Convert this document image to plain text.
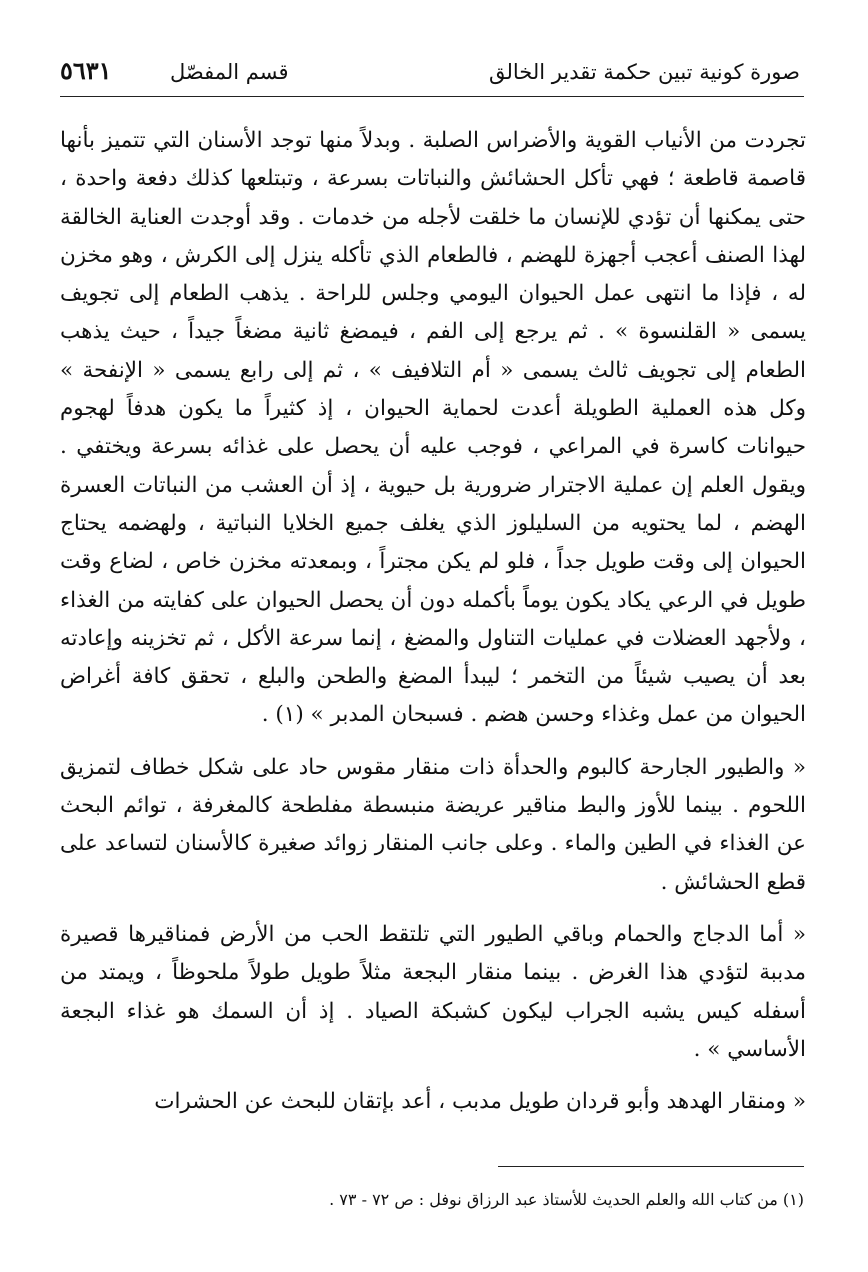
صورة كونية تبين حكمة تقدير الخالق
قسم المفصّل
٥٦٣١

تجردت من الأنياب القوية والأضراس الصلبة . وبدلاً منها توجد الأسنان التي تتميز بأنها قاصمة قاطعة ؛ فهي تأكل الحشائش والنباتات بسرعة ، وتبتلعها كذلك دفعة واحدة ، حتى يمكنها أن تؤدي للإنسان ما خلقت لأجله من خدمات . وقد أوجدت العناية الخالقة لهذا الصنف أعجب أجهزة للهضم ، فالطعام الذي تأكله ينزل إلى الكرش ، وهو مخزن له ، فإذا ما انتهى عمل الحيوان اليومي وجلس للراحة . يذهب الطعام إلى تجويف يسمى « القلنسوة » . ثم يرجع إلى الفم ، فيمضغ ثانية مضغاً جيداً ، حيث يذهب الطعام إلى تجويف ثالث يسمى « أم التلافيف » ، ثم إلى رابع يسمى « الإنفحة » وكل هذه العملية الطويلة أعدت لحماية الحيوان ، إذ كثيراً ما يكون هدفاً لهجوم حيوانات كاسرة في المراعي ، فوجب عليه أن يحصل على غذائه بسرعة ويختفي . ويقول العلم إن عملية الاجترار ضرورية بل حيوية ، إذ أن العشب من النباتات العسرة الهضم ، لما يحتويه من السليلوز الذي يغلف جميع الخلايا النباتية ، ولهضمه يحتاج الحيوان إلى وقت طويل جداً ، فلو لم يكن مجتراً ، وبمعدته مخزن خاص ، لضاع وقت طويل في الرعي يكاد يكون يوماً بأكمله دون أن يحصل الحيوان على كفايته من الغذاء ، ولأجهد العضلات في عمليات التناول والمضغ ، إنما سرعة الأكل ، ثم تخزينه وإعادته بعد أن يصيب شيئاً من التخمر ؛ ليبدأ المضغ والطحن والبلع ، تحقق كافة أغراض الحيوان من عمل وغذاء وحسن هضم . فسبحان المدبر » (١) .

« والطيور الجارحة كالبوم والحدأة ذات منقار مقوس حاد على شكل خطاف لتمزيق اللحوم . بينما للأوز والبط مناقير عريضة منبسطة مفلطحة كالمغرفة ، توائم البحث عن الغذاء في الطين والماء . وعلى جانب المنقار زوائد صغيرة كالأسنان لتساعد على قطع الحشائش .

« أما الدجاج والحمام وباقي الطيور التي تلتقط الحب من الأرض فمناقيرها قصيرة مدببة لتؤدي هذا الغرض . بينما منقار البجعة مثلاً طويل طولاً ملحوظاً ، ويمتد من أسفله كيس يشبه الجراب ليكون كشبكة الصياد . إذ أن السمك هو غذاء البجعة الأساسي » .

« ومنقار الهدهد وأبو قردان طويل مدبب ، أعد بإتقان للبحث عن الحشرات

(١) من كتاب الله والعلم الحديث للأستاذ عبد الرزاق نوفل : ص ٧٢ - ٧٣ .
